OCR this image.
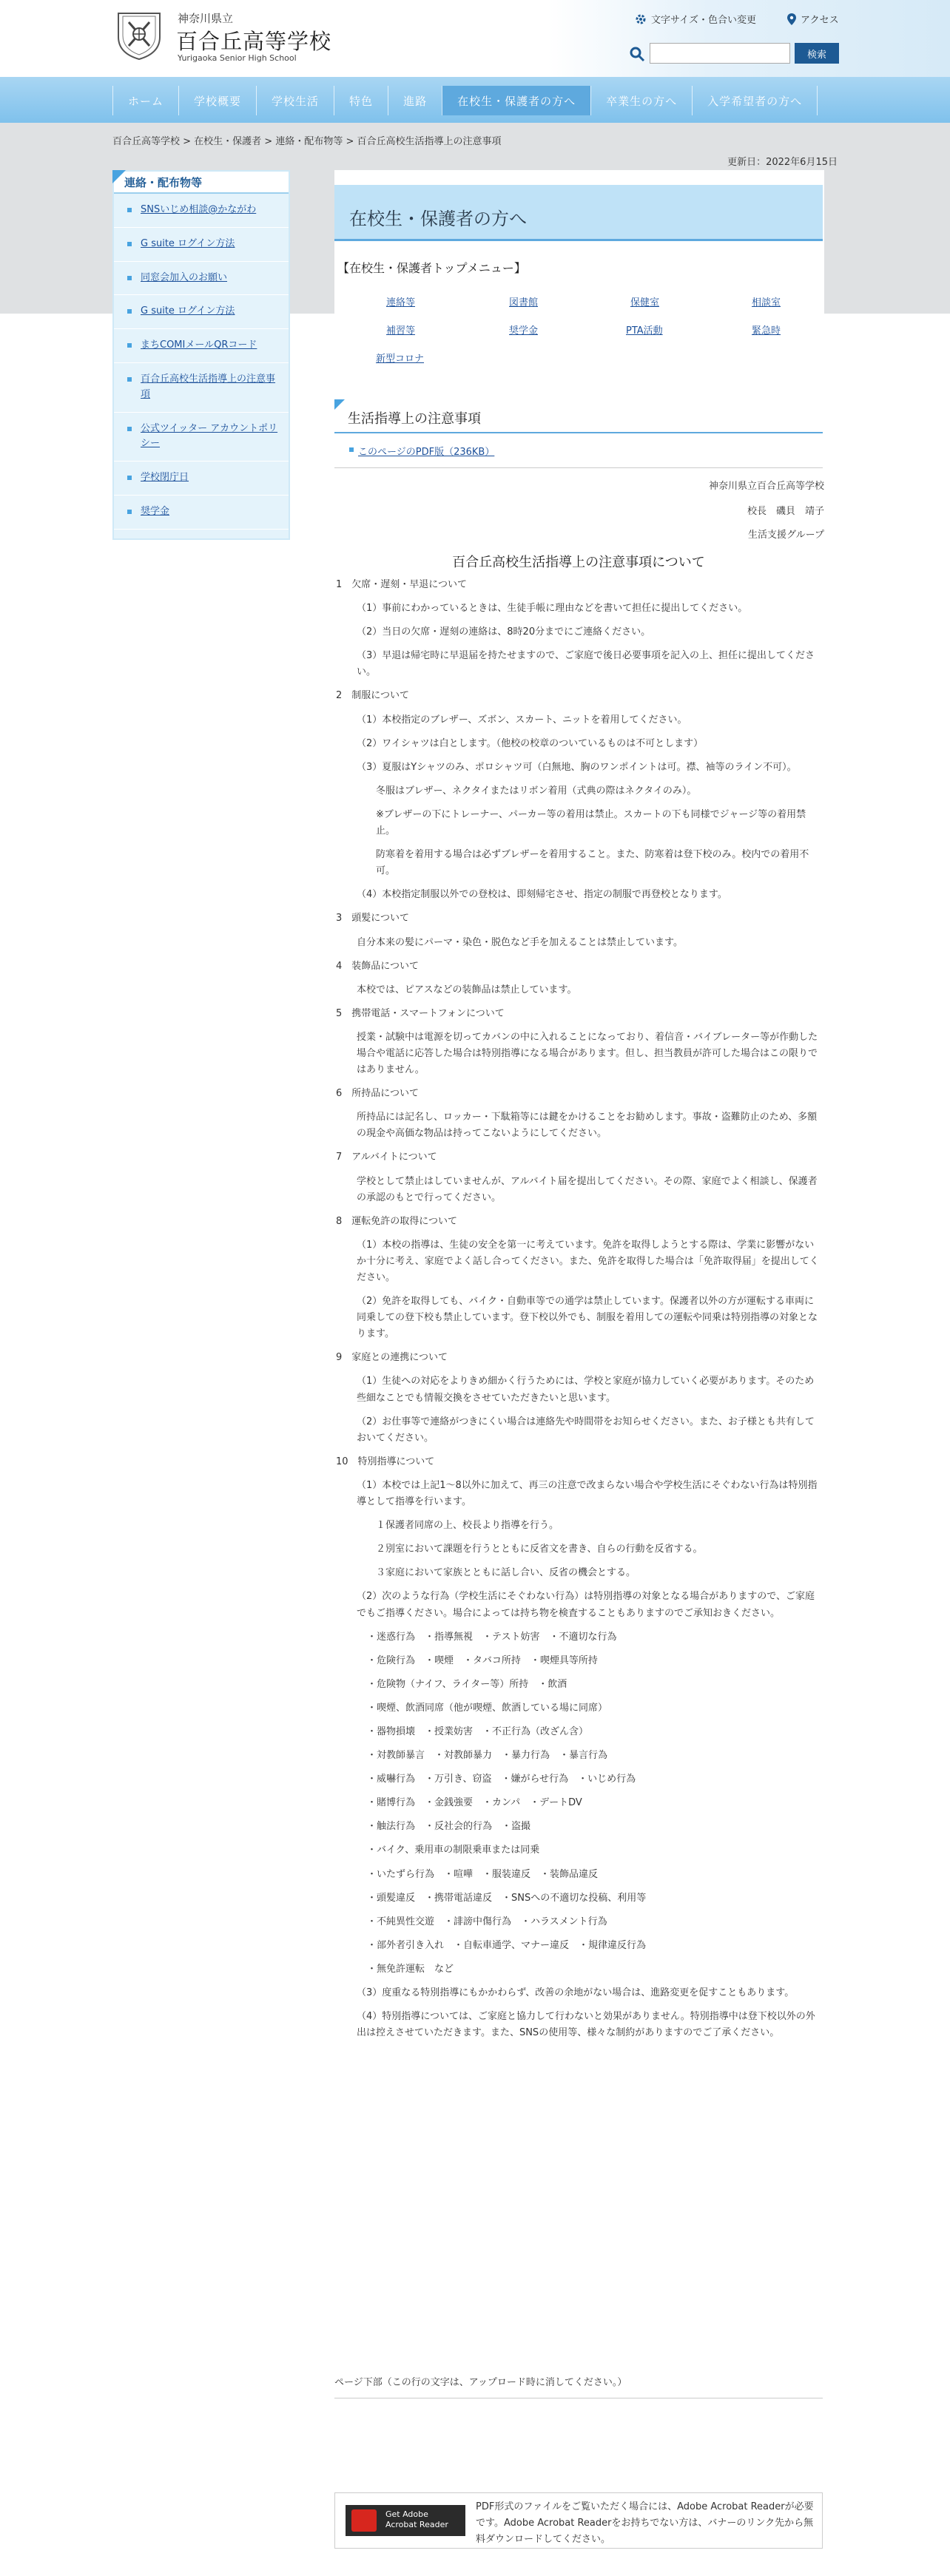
神奈川県立
百合丘高等学校
Yurigaoka Senior High School
文字サイズ・色合い変更	アクセス
検索
ホーム	学校概要	学校生活	特色	進路	在校生・保護者の方へ	卒業生の方へ	入学希望者の方へ
百合丘高等学校 > 在校生・保護者 > 連絡・配布物等 > 百合丘高校生活指導上の注意事項
連絡・配布物等
SNSいじめ相談@かながわ
G suite ログイン方法
同窓会加入のお願い
G suite ログイン方法
まちCOMIメールQRコード
百合丘高校生活指導上の注意事項
公式ツイッター アカウントポリシー
学校閉庁日
奨学金
更新日：2022年6月15日
在校生・保護者の方へ
【在校生・保護者トップメニュー】
連絡等	図書館	保健室	相談室
補習等	奨学金	PTA活動	緊急時
新型コロナ
生活指導上の注意事項
このページのPDF版（236KB）
神奈川県立百合丘高等学校
校長　磯貝　靖子
生活支援グループ
百合丘高校生活指導上の注意事項について

1　欠席・遅刻・早退について

（1）事前にわかっているときは、生徒手帳に理由などを書いて担任に提出してください。

（2）当日の欠席・遅刻の連絡は、8時20分までにご連絡ください。

（3）早退は帰宅時に早退届を持たせますので、ご家庭で後日必要事項を記入の上、担任に提出してください。

2　制服について

（1）本校指定のブレザー、ズボン、スカート、ニットを着用してください。

（2）ワイシャツは白とします。（他校の校章のついているものは不可とします）

（3）夏服はYシャツのみ、ポロシャツ可（白無地、胸のワンポイントは可。襟、袖等のライン不可）。

冬服はブレザー、ネクタイまたはリボン着用（式典の際はネクタイのみ）。

※ブレザーの下にトレーナー、パーカー等の着用は禁止。スカートの下も同様でジャージ等の着用禁止。

防寒着を着用する場合は必ずブレザーを着用すること。また、防寒着は登下校のみ。校内での着用不可。

（4）本校指定制服以外での登校は、即刻帰宅させ、指定の制服で再登校となります。

3　頭髪について

自分本来の髪にパーマ・染色・脱色など手を加えることは禁止しています。

4　装飾品について

本校では、ピアスなどの装飾品は禁止しています。

5　携帯電話・スマートフォンについて

授業・試験中は電源を切ってカバンの中に入れることになっており、着信音・バイブレーター等が作動した場合や電話に応答した場合は特別指導になる場合があります。但し、担当教員が許可した場合はこの限りではありません。

6　所持品について

所持品には記名し、ロッカー・下駄箱等には鍵をかけることをお勧めします。事故・盗難防止のため、多額の現金や高価な物品は持ってこないようにしてください。

7　アルバイトについて

学校として禁止はしていませんが、アルバイト届を提出してください。その際、家庭でよく相談し、保護者の承認のもとで行ってください。

8　運転免許の取得について

（1）本校の指導は、生徒の安全を第一に考えています。免許を取得しようとする際は、学業に影響がないか十分に考え、家庭でよく話し合ってください。また、免許を取得した場合は「免許取得届」を提出してください。

（2）免許を取得しても、バイク・自動車等での通学は禁止しています。保護者以外の方が運転する車両に同乗しての登下校も禁止しています。登下校以外でも、制服を着用しての運転や同乗は特別指導の対象となります。

9　家庭との連携について

（1）生徒への対応をよりきめ細かく行うためには、学校と家庭が協力していく必要があります。そのため些細なことでも情報交換をさせていただきたいと思います。

（2）お仕事等で連絡がつきにくい場合は連絡先や時間帯をお知らせください。また、お子様とも共有しておいてください。

10　特別指導について

（1）本校では上記1～8以外に加えて、再三の注意で改まらない場合や学校生活にそぐわない行為は特別指導として指導を行います。

１保護者同席の上、校長より指導を行う。

２別室において課題を行うとともに反省文を書き、自らの行動を反省する。

３家庭において家族とともに話し合い、反省の機会とする。

（2）次のような行為（学校生活にそぐわない行為）は特別指導の対象となる場合がありますので、ご家庭でもご指導ください。場合によっては持ち物を検査することもありますのでご承知おきください。

・迷惑行為　・指導無視　・テスト妨害　・不適切な行為

・危険行為　・喫煙　・タバコ所持　・喫煙具等所持

・危険物（ナイフ、ライター等）所持　・飲酒

・喫煙、飲酒同席（他が喫煙、飲酒している場に同席）

・器物損壊　・授業妨害　・不正行為（改ざん含）

・対教師暴言　・対教師暴力　・暴力行為　・暴言行為

・威嚇行為　・万引き、窃盗　・嫌がらせ行為　・いじめ行為

・賭博行為　・金銭強要　・カンパ　・デートDV

・触法行為　・反社会的行為　・盗撮

・バイク、乗用車の制限乗車または同乗

・いたずら行為　・喧嘩　・服装違反　・装飾品違反

・頭髪違反　・携帯電話違反　・SNSへの不適切な投稿、利用等

・不純異性交遊　・誹謗中傷行為　・ハラスメント行為

・部外者引き入れ　・自転車通学、マナー違反　・規律違反行為

・無免許運転　など

（3）度重なる特別指導にもかかわらず、改善の余地がない場合は、進路変更を促すこともあります。

（4）特別指導については、ご家庭と協力して行わないと効果がありません。特別指導中は登下校以外の外出は控えさせていただきます。また、SNSの使用等、様々な制約がありますのでご了承ください。

ページ下部（この行の文字は、アップロード時に消してください。）
Get Adobe
Acrobat Reader
PDF形式のファイルをご覧いただく場合には、Adobe Acrobat Readerが必要です。Adobe Acrobat Readerをお持ちでない方は、バナーのリンク先から無料ダウンロードしてください。
